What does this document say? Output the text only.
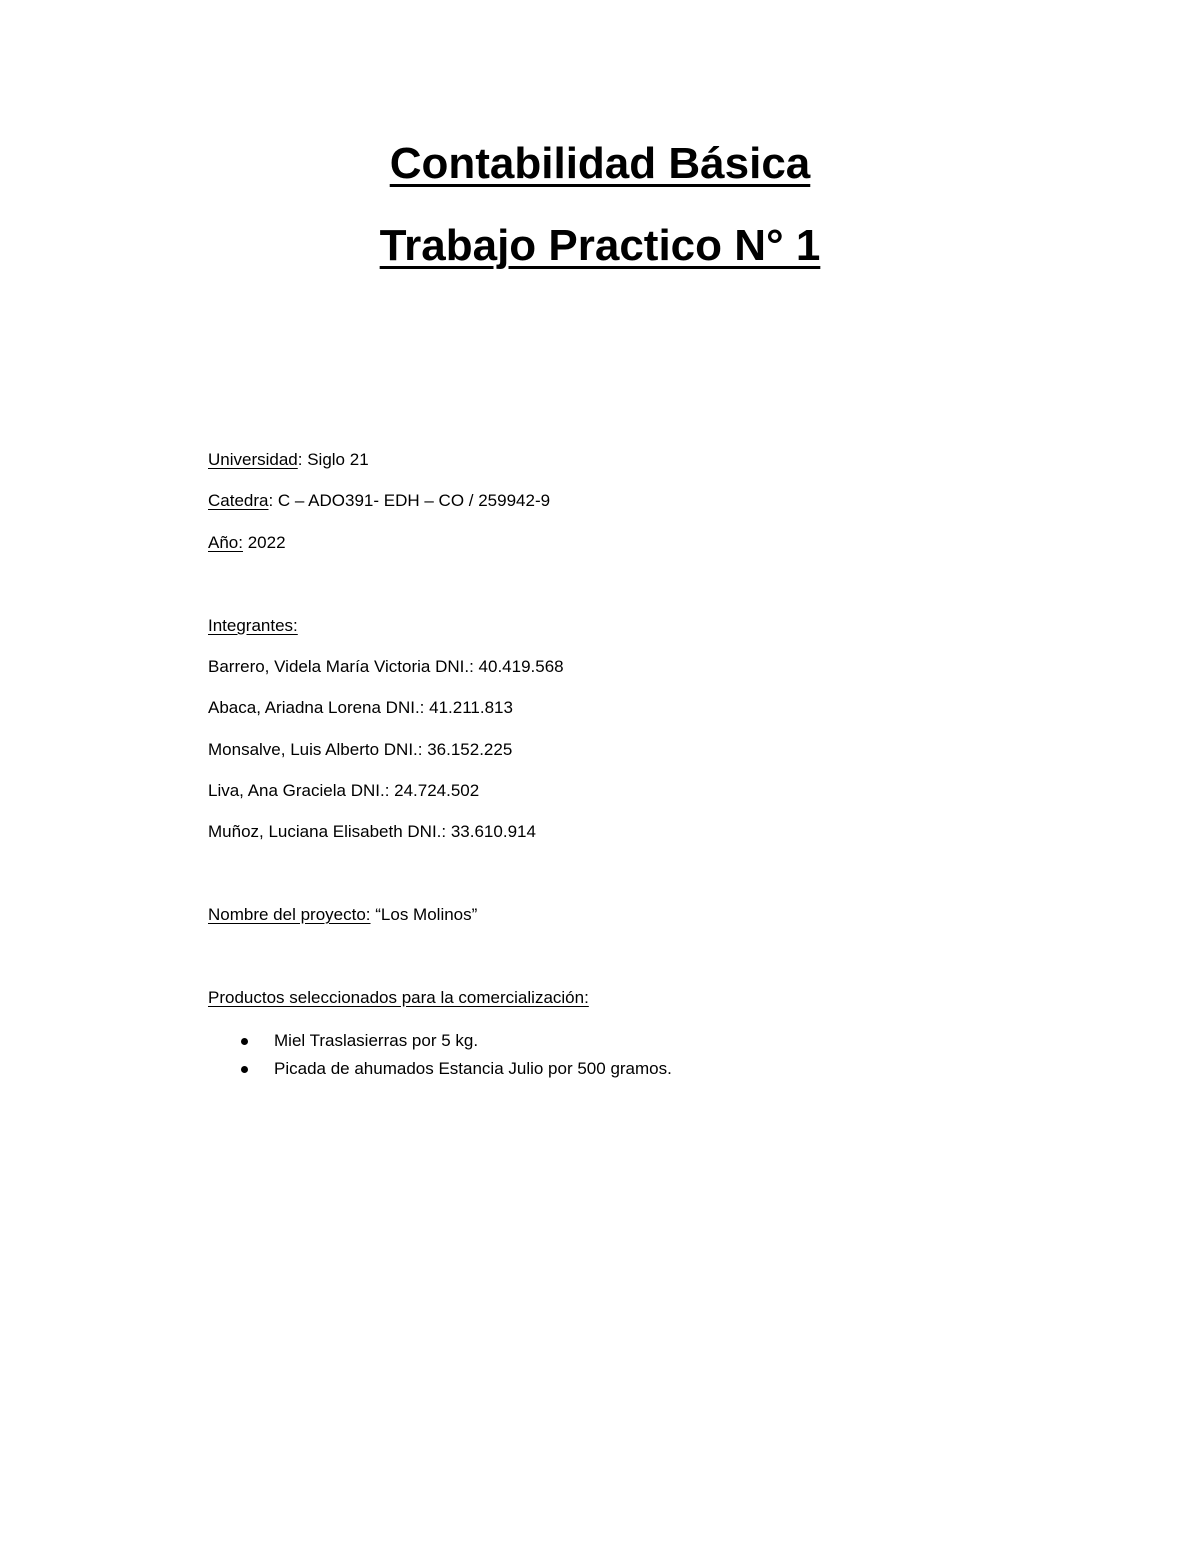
Contabilidad Básica
Trabajo Practico N° 1

Universidad: Siglo 21

Catedra: C – ADO391- EDH – CO / 259942-9

Año: 2022

Integrantes:

Barrero, Videla María Victoria DNI.: 40.419.568

Abaca, Ariadna Lorena DNI.: 41.211.813

Monsalve, Luis Alberto DNI.: 36.152.225

Liva, Ana Graciela DNI.: 24.724.502

Muñoz, Luciana Elisabeth DNI.: 33.610.914

Nombre del proyecto: “Los Molinos”

Productos seleccionados para la comercialización:

Miel Traslasierras por 5 kg.
Picada de ahumados Estancia Julio por 500 gramos.
